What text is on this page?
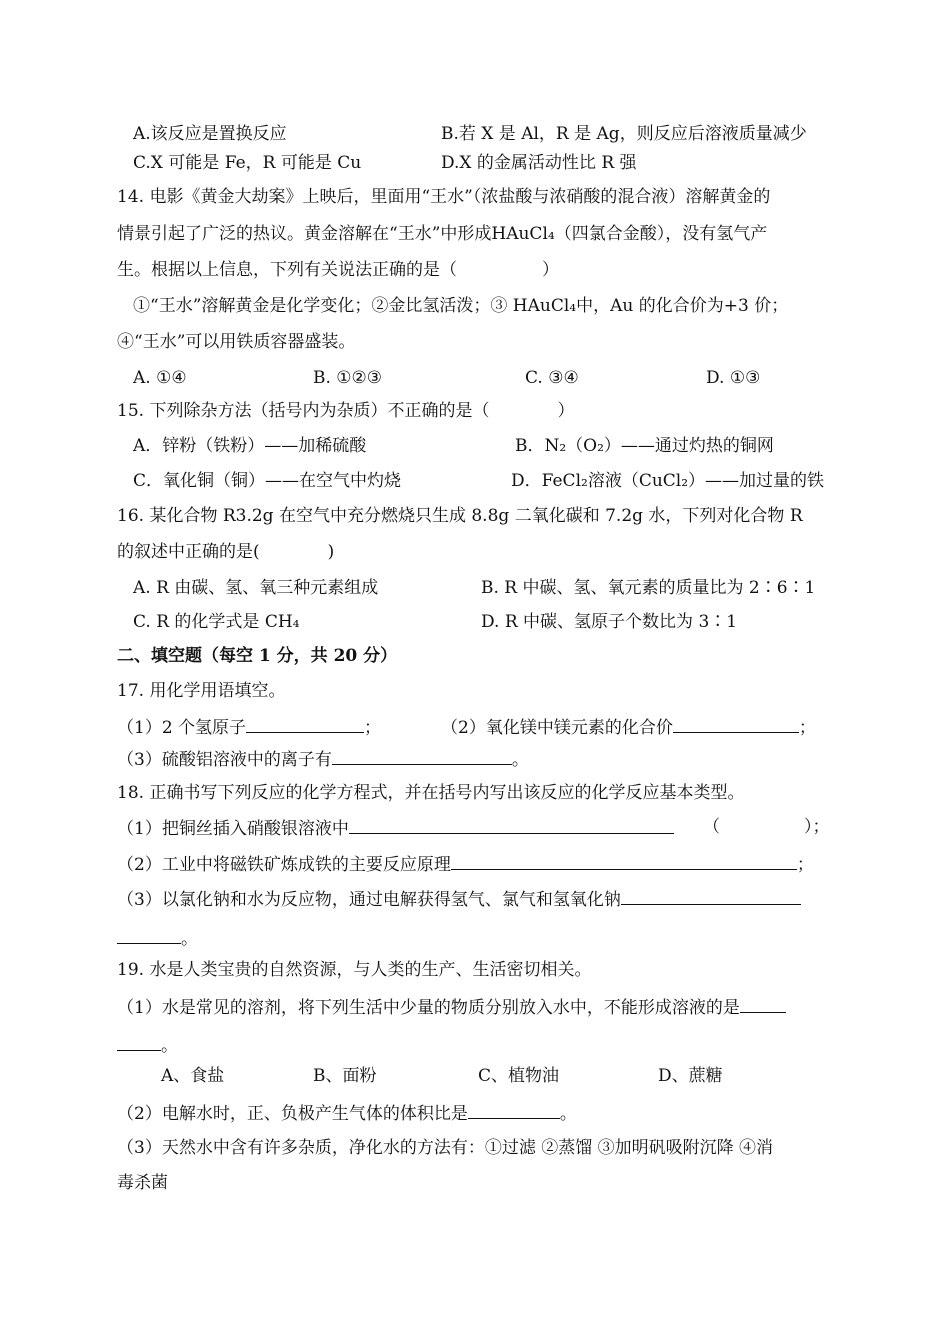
A.该反应是置换反应	B.若 X 是 Al，R 是 Ag，则反应后溶液质量减少
C.X 可能是 Fe，R 可能是 Cu	D.X 的金属活动性比 R 强
14. 电影《黄金大劫案》上映后，里面用“王水”（浓盐酸与浓硝酸的混合液）溶解黄金的
情景引起了广泛的热议。黄金溶解在“王水”中形成HAuCl₄（四氯合金酸），没有氢气产
生。根据以上信息，下列有关说法正确的是（　　　　　）
①“王水”溶解黄金是化学变化；②金比氢活泼；③ HAuCl₄中，Au 的化合价为+3 价；
④“王水”可以用铁质容器盛装。
A. ①④	B. ①②③	C. ③④	D. ①③
15. 下列除杂方法（括号内为杂质）不正确的是（　　　　）
A．锌粉（铁粉）——加稀硫酸	B．N₂（O₂）——通过灼热的铜网
C．氧化铜（铜）——在空气中灼烧	D．FeCl₂溶液（CuCl₂）——加过量的铁
16. 某化合物 R3.2g 在空气中充分燃烧只生成 8.8g 二氧化碳和 7.2g 水，下列对化合物 R
的叙述中正确的是(　　　　)
A. R 由碳、氢、氧三种元素组成	B. R 中碳、氢、氧元素的质量比为 2∶6∶1
C. R 的化学式是 CH₄	D. R 中碳、氢原子个数比为 3∶1
二、填空题（每空 1 分，共 20 分）
17. 用化学用语填空。
（1）2 个氢原子	；	（2）氧化镁中镁元素的化合价	；
（3）硫酸铝溶液中的离子有	。
18. 正确书写下列反应的化学方程式，并在括号内写出该反应的化学反应基本类型。
（1）把铜丝插入硝酸银溶液中	（	）；
（2）工业中将磁铁矿炼成铁的主要反应原理	；
（3）以氯化钠和水为反应物，通过电解获得氢气、氯气和氢氧化钠
。
19. 水是人类宝贵的自然资源，与人类的生产、生活密切相关。
（1）水是常见的溶剂，将下列生活中少量的物质分别放入水中，不能形成溶液的是
。
A、食盐	B、面粉	C、植物油	D、蔗糖
（2）电解水时，正、负极产生气体的体积比是	。
（3）天然水中含有许多杂质，净化水的方法有：①过滤 ②蒸馏 ③加明矾吸附沉降 ④消
毒杀菌
